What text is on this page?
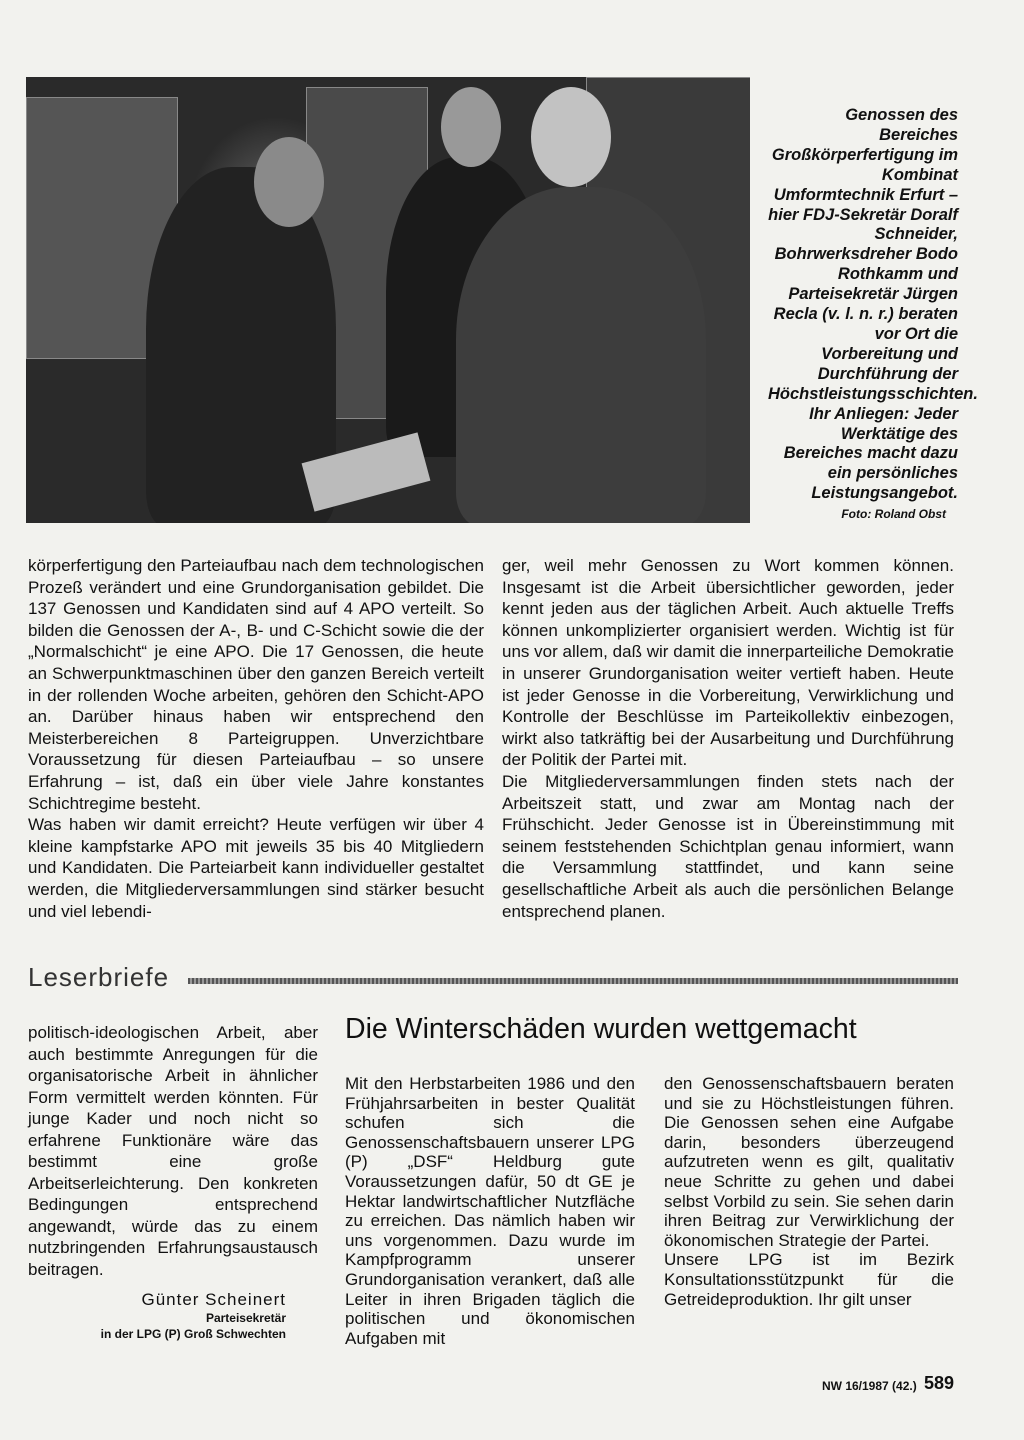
Genossen des Bereiches Großkörperfertigung im Kombinat Umformtechnik Erfurt – hier FDJ-Sekretär Doralf Schneider, Bohrwerksdreher Bodo Rothkamm und Parteisekretär Jürgen Recla (v. l. n. r.) beraten vor Ort die Vorbereitung und Durchführung der Höchstleistungsschichten. Ihr Anliegen: Jeder Werktätige des Bereiches macht dazu ein persönliches Leistungsangebot.
Foto: Roland Obst

körperfertigung den Parteiaufbau nach dem technologischen Prozeß verändert und eine Grundorganisation gebildet. Die 137 Genossen und Kandidaten sind auf 4 APO verteilt. So bilden die Genossen der A-, B- und C-Schicht sowie die der „Normalschicht“ je eine APO. Die 17 Genossen, die heute an Schwerpunktmaschinen über den ganzen Bereich verteilt in der rollenden Woche arbeiten, gehören den Schicht-APO an. Darüber hinaus haben wir entsprechend den Meisterbereichen 8 Parteigruppen. Unverzichtbare Voraussetzung für diesen Parteiaufbau – so unsere Erfahrung – ist, daß ein über viele Jahre konstantes Schichtregime besteht.

Was haben wir damit erreicht? Heute verfügen wir über 4 kleine kampfstarke APO mit jeweils 35 bis 40 Mitgliedern und Kandidaten. Die Parteiarbeit kann individueller gestaltet werden, die Mitgliederversammlungen sind stärker besucht und viel lebendi-

ger, weil mehr Genossen zu Wort kommen können. Insgesamt ist die Arbeit übersichtlicher geworden, jeder kennt jeden aus der täglichen Arbeit. Auch aktuelle Treffs können unkomplizierter organisiert werden. Wichtig ist für uns vor allem, daß wir damit die innerparteiliche Demokratie in unserer Grundorganisation weiter vertieft haben. Heute ist jeder Genosse in die Vorbereitung, Verwirklichung und Kontrolle der Beschlüsse im Parteikollektiv einbezogen, wirkt also tatkräftig bei der Ausarbeitung und Durchführung der Politik der Partei mit.

Die Mitgliederversammlungen finden stets nach der Arbeitszeit statt, und zwar am Montag nach der Frühschicht. Jeder Genosse ist in Übereinstimmung mit seinem feststehenden Schichtplan genau informiert, wann die Versammlung stattfindet, und kann seine gesellschaftliche Arbeit als auch die persönlichen Belange entsprechend planen.

Leserbriefe

politisch-ideologischen Arbeit, aber auch bestimmte Anregungen für die organisatorische Arbeit in ähnlicher Form vermittelt werden könnten. Für junge Kader und noch nicht so erfahrene Funktionäre wäre das bestimmt eine große Arbeitserleichterung. Den konkreten Bedingungen entsprechend angewandt, würde das zu einem nutzbringenden Erfahrungsaustausch beitragen.

Günter Scheinert
Parteisekretär
in der LPG (P) Groß Schwechten
Die Winterschäden wurden wettgemacht

Mit den Herbstarbeiten 1986 und den Frühjahrsarbeiten in bester Qualität schufen sich die Genossenschaftsbauern unserer LPG (P) „DSF“ Heldburg gute Voraussetzungen dafür, 50 dt GE je Hektar landwirtschaftlicher Nutzfläche zu erreichen. Das nämlich haben wir uns vorgenommen. Dazu wurde im Kampfprogramm unserer Grundorganisation verankert, daß alle Leiter in ihren Brigaden täglich die politischen und ökonomischen Aufgaben mit

den Genossenschaftsbauern beraten und sie zu Höchstleistungen führen. Die Genossen sehen eine Aufgabe darin, besonders überzeugend aufzutreten wenn es gilt, qualitativ neue Schritte zu gehen und dabei selbst Vorbild zu sein. Sie sehen darin ihren Beitrag zur Verwirklichung der ökonomischen Strategie der Partei.

Unsere LPG ist im Bezirk Konsultationsstützpunkt für die Getreideproduktion. Ihr gilt unser

NW 16/1987 (42.) 589
